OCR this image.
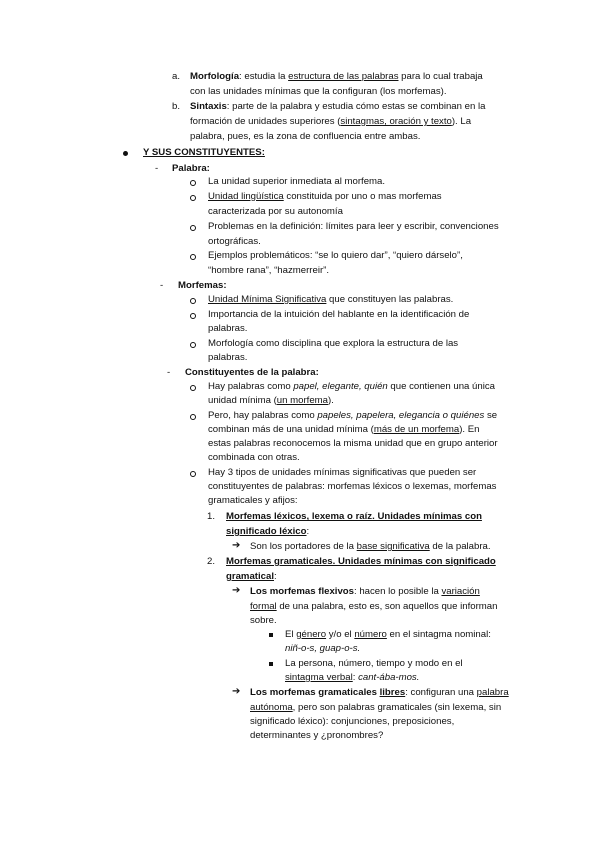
a. Morfología: estudia la estructura de las palabras para lo cual trabaja
con las unidades mínimas que la configuran (los morfemas).
b. Sintaxis: parte de la palabra y estudia cómo estas se combinan en la
formación de unidades superiores (sintagmas, oración y texto). La
palabra, pues, es la zona de confluencia entre ambas.
Y SUS CONSTITUYENTES:
- Palabra:
La unidad superior inmediata al morfema.
Unidad lingüística constituida por uno o mas morfemas
caracterizada por su autonomía
Problemas en la definición: límites para leer y escribir, convenciones
ortográficas.
Ejemplos problemáticos: “se lo quiero dar”, “quiero dárselo”,
“hombre rana”, “hazmerreir”.
- Morfemas:
Unidad Mínima Significativa que constituyen las palabras.
Importancia de la intuición del hablante en la identificación de
palabras.
Morfología como disciplina que explora la estructura de las
palabras.
- Constituyentes de la palabra:
Hay palabras como papel, elegante, quién que contienen una única
unidad mínima (un morfema).
Pero, hay palabras como papeles, papelera, elegancia o quiénes se
combinan más de una unidad mínima (más de un morfema). En
estas palabras reconocemos la misma unidad que en grupo anterior
combinada con otras.
Hay 3 tipos de unidades mínimas significativas que pueden ser
constituyentes de palabras: morfemas léxicos o lexemas, morfemas
gramaticales y afijos:
1. Morfemas léxicos, lexema o raíz. Unidades mínimas con
significado léxico:
➔ Son los portadores de la base significativa de la palabra.
2. Morfemas gramaticales. Unidades mínimas con significado
gramatical:
➔ Los morfemas flexivos: hacen lo posible la variación
formal de una palabra, esto es, son aquellos que informan
sobre.
El género y/o el número en el sintagma nominal:
niñ-o-s, guap-o-s.
La persona, número, tiempo y modo en el
sintagma verbal: cant-ába-mos.
➔ Los morfemas gramaticales libres: configuran una palabra
autónoma, pero son palabras gramaticales (sin lexema, sin
significado léxico): conjunciones, preposiciones,
determinantes y ¿pronombres?
